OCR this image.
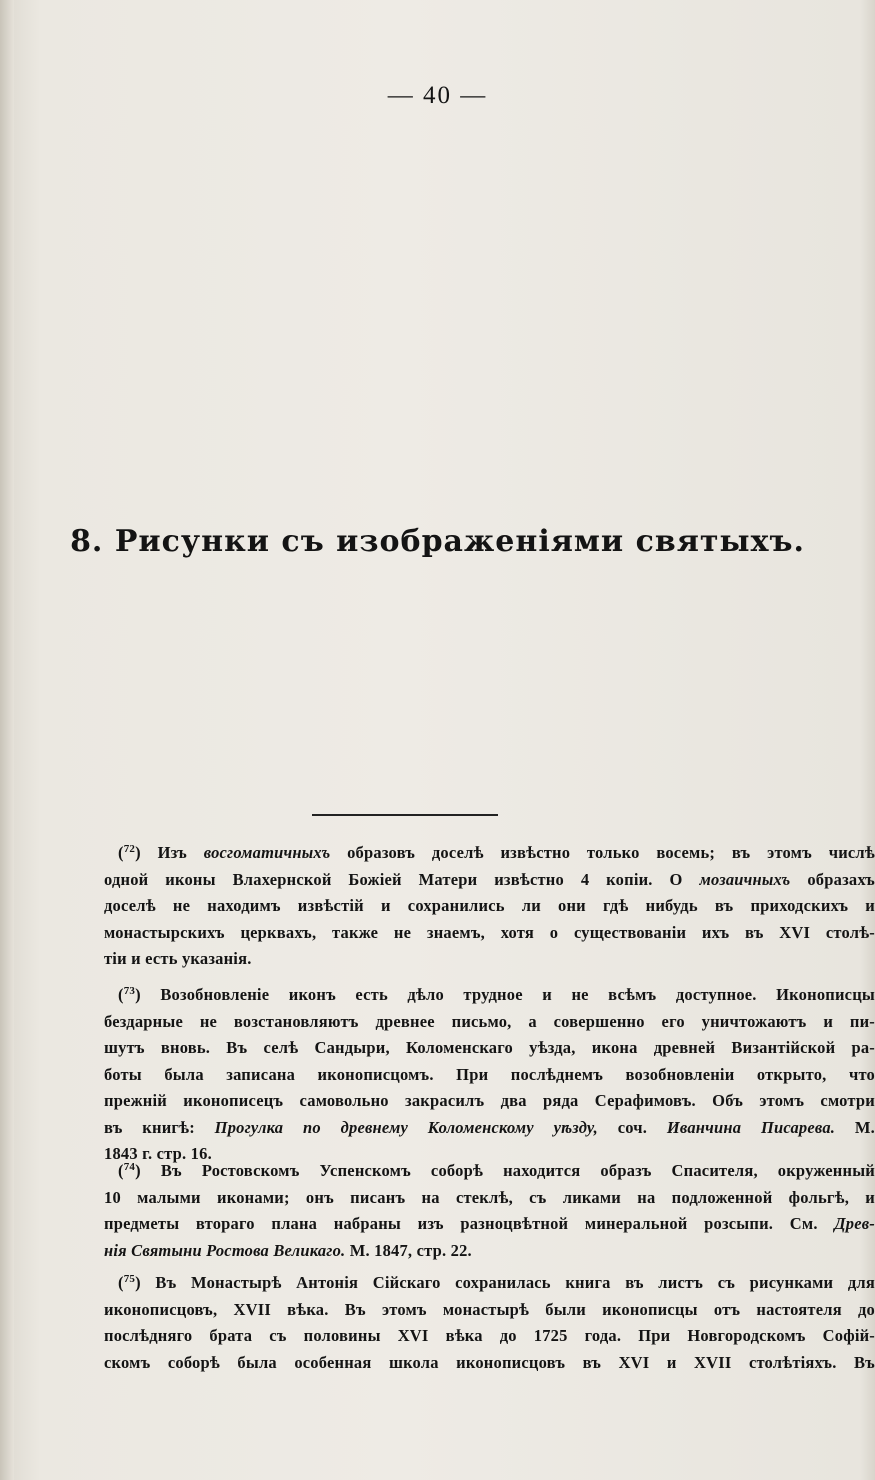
— 40 —
8. Рисунки съ изображеніями святыхъ.
($^{72}$) Изъ восгоматичныхъ образовъ доселѣ извѣстно только восемь; въ этомъ числѣ
одной иконы Влахернской Божіей Матери извѣстно 4 копіи. О мозаичныхъ образахъ
доселѣ не находимъ извѣстій и сохранились ли они гдѣ нибудь въ приходскихъ и
монастырскихъ церквахъ, также не знаемъ, хотя о существованіи ихъ въ XVI столѣ-
тіи и есть указанія.
($^{73}$) Возобновленіе иконъ есть дѣло трудное и не всѣмъ доступное. Иконописцы
бездарные не возстановляютъ древнее письмо, а совершенно его уничтожаютъ и пи-
шутъ вновь. Въ селѣ Сандыри, Коломенскаго уѣзда, икона древней Византійской ра-
боты была записана иконописцомъ. При послѣднемъ возобновленіи открыто, что
прежній иконописецъ самовольно закрасилъ два ряда Серафимовъ. Объ этомъ смотри
въ книгѣ: Прогулка по древнему Коломенскому уѣзду, соч. Иванчина Писарева. М.
1843 г. стр. 16.
($^{74}$) Въ Ростовскомъ Успенскомъ соборѣ находится образъ Спасителя, окруженный
10 малыми иконами; онъ писанъ на стеклѣ, съ ликами на подложенной фольгѣ, и
предметы втораго плана набраны изъ разноцвѣтной минеральной розсыпи. См. Древ-
нія Святыни Ростова Великаго. М. 1847, стр. 22.
($^{75}$) Въ Монастырѣ Антонія Сійскаго сохранилась книга въ листъ съ рисунками для
иконописцовъ, XVII вѣка. Въ этомъ монастырѣ были иконописцы отъ настоятеля до
послѣдняго брата съ половины XVI вѣка до 1725 года. При Новгородскомъ Софій-
скомъ соборѣ была особенная школа иконописцовъ въ XVI и XVII столѣтіяхъ. Въ
